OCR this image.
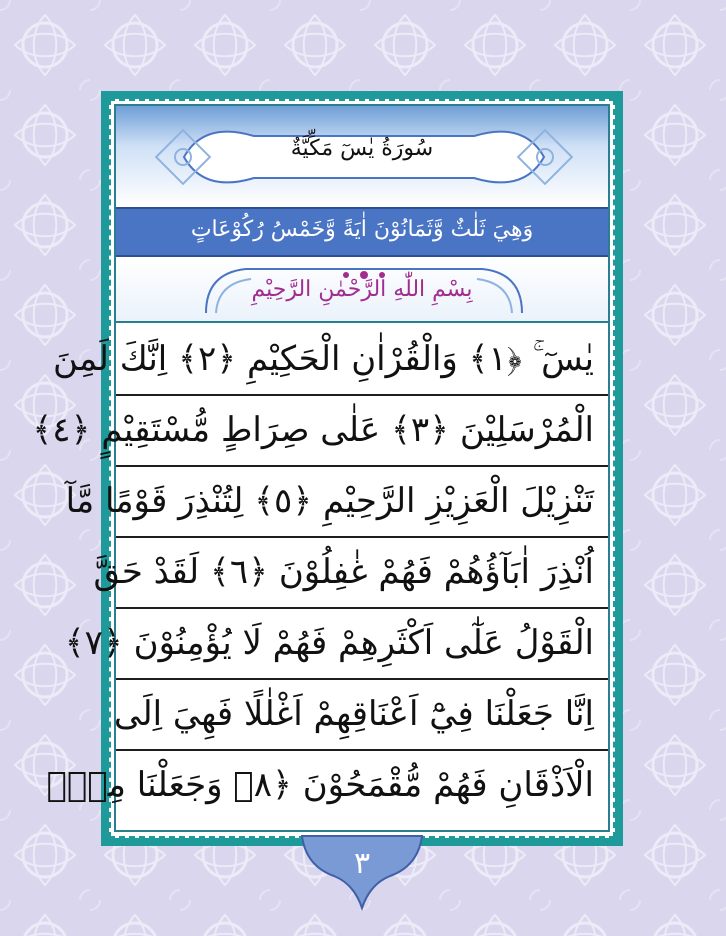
سُورَةُ يٰسٓ مَكِّيَّةٌ
وَهِيَ ثَلٰثٌ وَّثَمَانُوْنَ اٰيَةً وَّخَمْسُ رُكُوْعَاتٍ
بِسْمِ اللّٰهِ الرَّحْمٰنِ الرَّحِيْمِ
يٰسٓ ۚ ﴿١﴾ وَالْقُرْاٰنِ الْحَكِيْمِ ﴿٢﴾ اِنَّكَ لَمِنَ
الْمُرْسَلِيْنَ ﴿٣﴾ عَلٰى صِرَاطٍ مُّسْتَقِيْمٍ ﴿٤﴾
تَنْزِيْلَ الْعَزِيْزِ الرَّحِيْمِ ﴿٥﴾ لِتُنْذِرَ قَوْمًا مَّآ
اُنْذِرَ اٰبَآؤُهُمْ فَهُمْ غٰفِلُوْنَ ﴿٦﴾ لَقَدْ حَقَّ
الْقَوْلُ عَلٰٓى اَكْثَرِهِمْ فَهُمْ لَا يُؤْمِنُوْنَ ﴿٧﴾
اِنَّا جَعَلْنَا فِيْٓ اَعْنَاقِهِمْ اَغْلٰلًا فَهِيَ اِلَى
الْاَذْقَانِ فَهُمْ مُّقْمَحُوْنَ ﴿٨﴾ وَجَعَلْنَا مِنْۢ
٣
